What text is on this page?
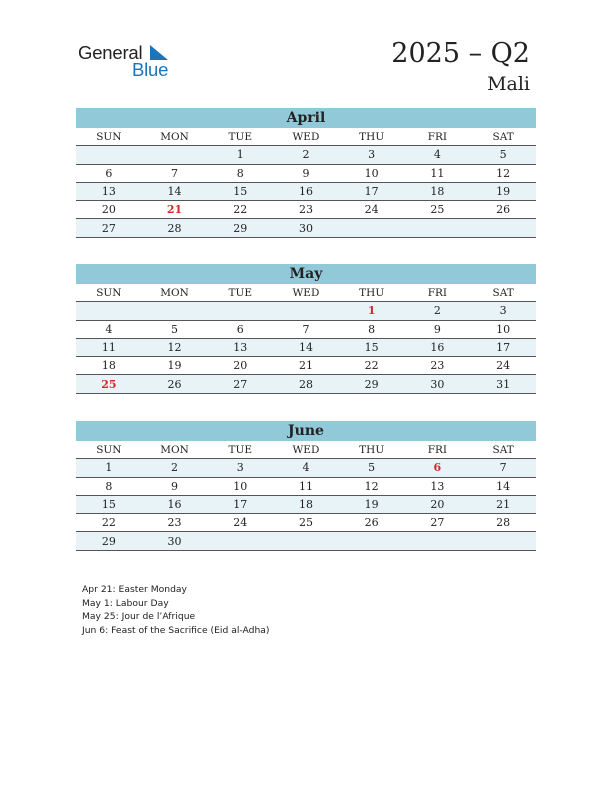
General
Blue
2025 – Q2
Mali
April
SUN	MON	TUE	WED	THU	FRI	SAT
		1	2	3	4	5
6	7	8	9	10	11	12
13	14	15	16	17	18	19
20	21	22	23	24	25	26
27	28	29	30			
May
SUN	MON	TUE	WED	THU	FRI	SAT
				1	2	3
4	5	6	7	8	9	10
11	12	13	14	15	16	17
18	19	20	21	22	23	24
25	26	27	28	29	30	31
June
SUN	MON	TUE	WED	THU	FRI	SAT
1	2	3	4	5	6	7
8	9	10	11	12	13	14
15	16	17	18	19	20	21
22	23	24	25	26	27	28
29	30					
Apr 21: Easter Monday
May 1: Labour Day
May 25: Jour de l’Afrique
Jun 6: Feast of the Sacrifice (Eid al-Adha)
